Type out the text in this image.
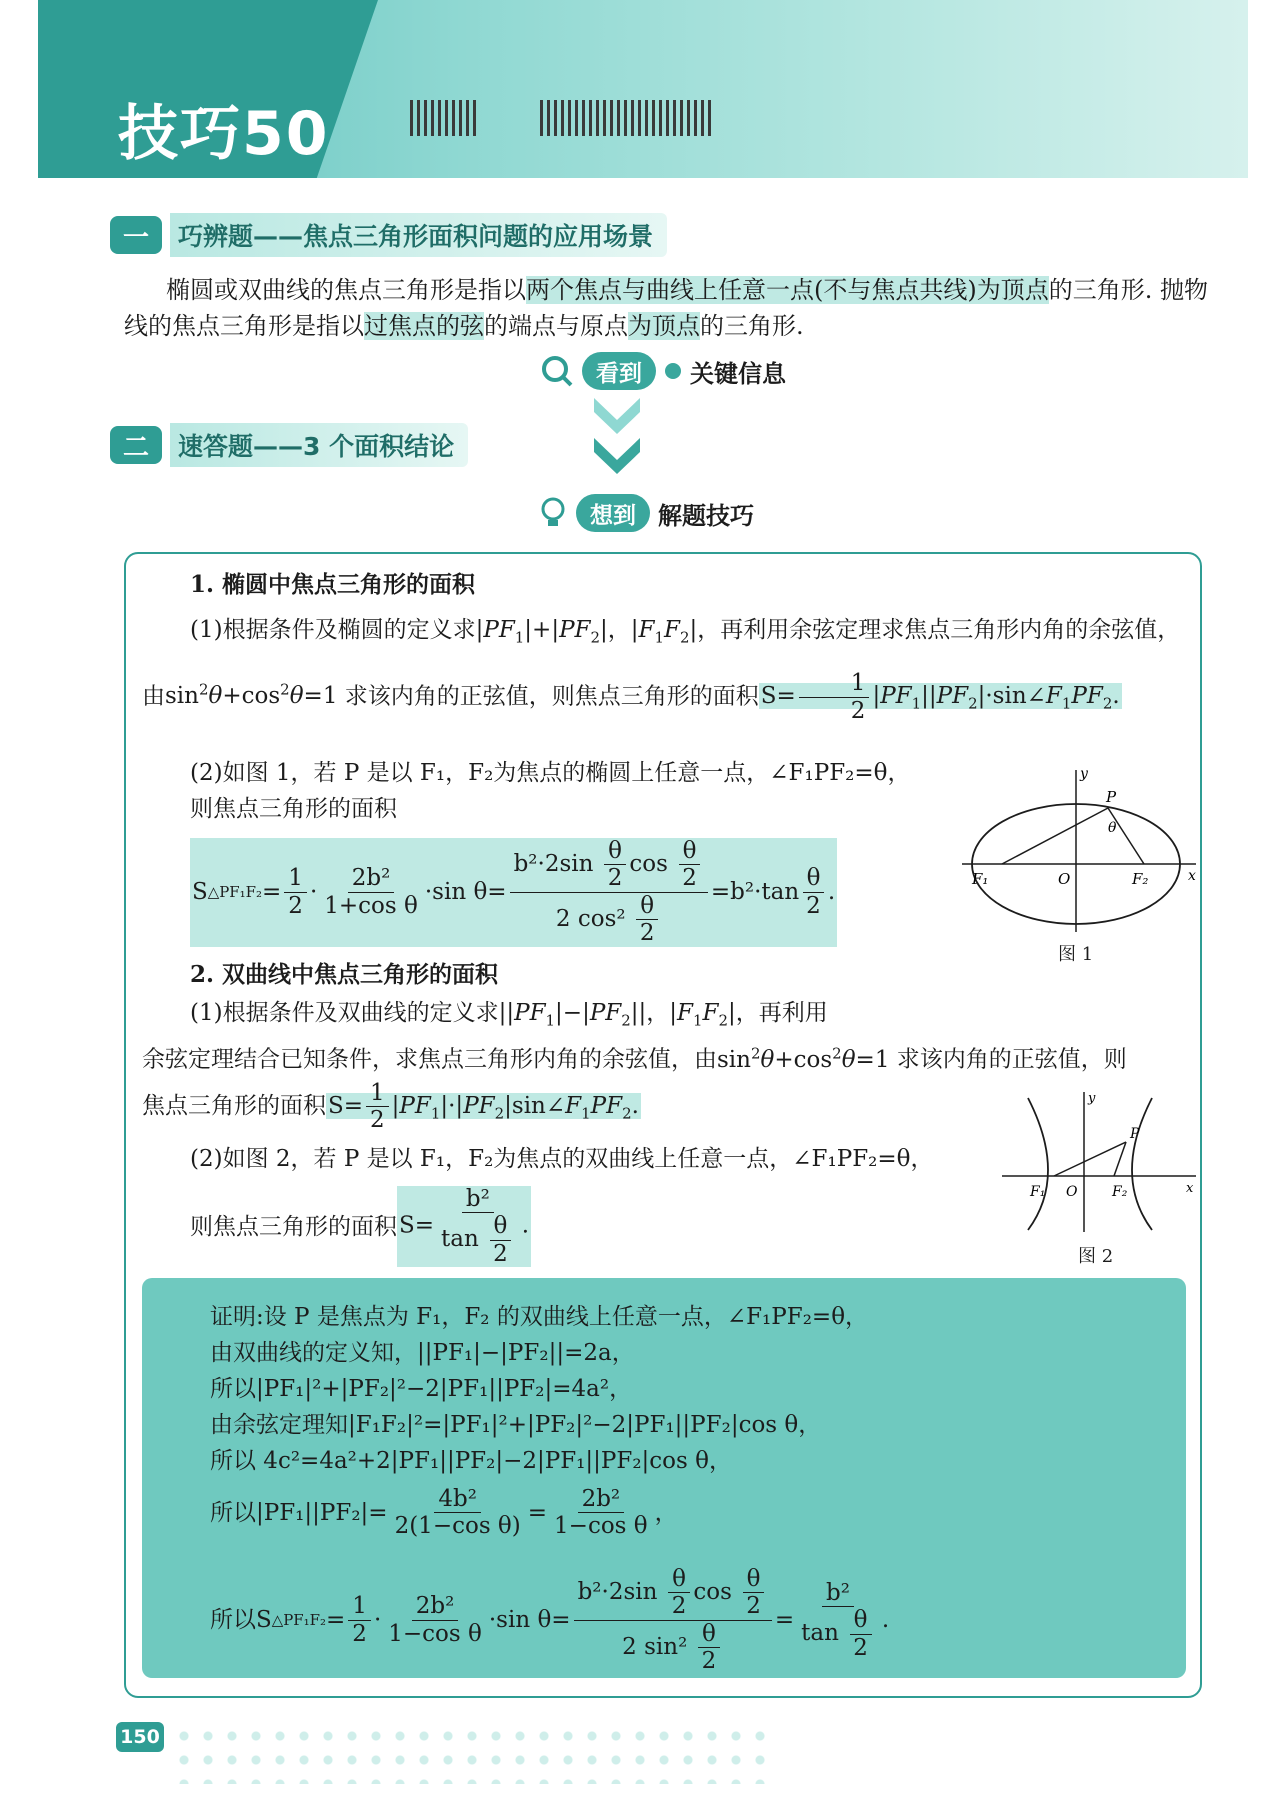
技巧50
一	巧辨题——焦点三角形面积问题的应用场景
椭圆或双曲线的焦点三角形是指以两个焦点与曲线上任意一点(不与焦点共线)为顶点的三角形. 抛物线的焦点三角形是指以过焦点的弦的端点与原点为顶点的三角形.
看到	关键信息
二	速答题——3 个面积结论
想到 解题技巧
1. 椭圆中焦点三角形的面积
(1)根据条件及椭圆的定义求$|PF_1|+|PF_2|$，$|F_1F_2|$，再利用余弦定理求焦点三角形内角的余弦值，由$\sin^2\theta+\cos^2\theta=1$ 求该内角的正弦值，则焦点三角形的面积$S= \frac{1}{2}$ $|PF_1||PF_2|\cdot\sin\angle F_1PF_2$.
(2)如图 1，若 P 是以 F₁，F₂为焦点的椭圆上任意一点，∠F₁PF₂=θ，
则焦点三角形的面积
S △PF₁F₂ = $\frac{1}{2} \cdot \frac{\text{2b²}}{\text{1+cos θ}} \cdot\sin$ $\theta= \frac{b^2\cdot 2\sin \frac{\theta}{2} \cos \frac{\theta}{2}}{2 \cos^2 \frac{\theta}{2}} =b^2\cdot\tan \frac{\theta}{2}$ .
F₁	O	F₂
P
θ
y
x
图 1
2. 双曲线中焦点三角形的面积
(1)根据条件及双曲线的定义求$||PF_1|-|PF_2||$，$|F_1F_2|$，再利用
余弦定理结合已知条件，求焦点三角形内角的余弦值，由$\sin^2\theta+\cos^2\theta=1$ 求该内角的正弦值，则
焦点三角形的面积$S= \frac{1}{2}$ $|PF_1|\cdot|PF_2|\sin\angle F_1PF_2$.
(2)如图 2，若 P 是以 F₁，F₂为焦点的双曲线上任意一点，∠F₁PF₂=θ，
则焦点三角形的面积 $S= \frac{\text{b²}}{\tan \frac{\theta}{2}}$ .
F₁ O F₂
P
y
x
图 2
证明:设 P 是焦点为 F₁，F₂ 的双曲线上任意一点，∠F₁PF₂=θ，
由双曲线的定义知，||PF₁|−|PF₂||=2a，
所以|PF₁|²+|PF₂|²−2|PF₁||PF₂|=4a²，
由余弦定理知|F₁F₂|²=|PF₁|²+|PF₂|²−2|PF₁||PF₂|cos θ，
所以 4c²=4a²+2|PF₁||PF₂|−2|PF₁||PF₂|cos θ，
所以$|PF_1||PF_2|= \frac{\text{4b²}}{\text{2(1−cos θ)}} = \frac{\text{2b²}}{\text{1−cos θ}}$ ，
所以 S △PF₁F₂ = $\frac{1}{2} \cdot \frac{\text{2b²}}{\text{1−cos θ}} \cdot\sin$ $\theta= \frac{b^2\cdot 2\sin \frac{\theta}{2} \cos \frac{\theta}{2}}{2 \sin^2 \frac{\theta}{2}} = \frac{\text{b²}}{\tan \frac{\theta}{2}}$ .
150
